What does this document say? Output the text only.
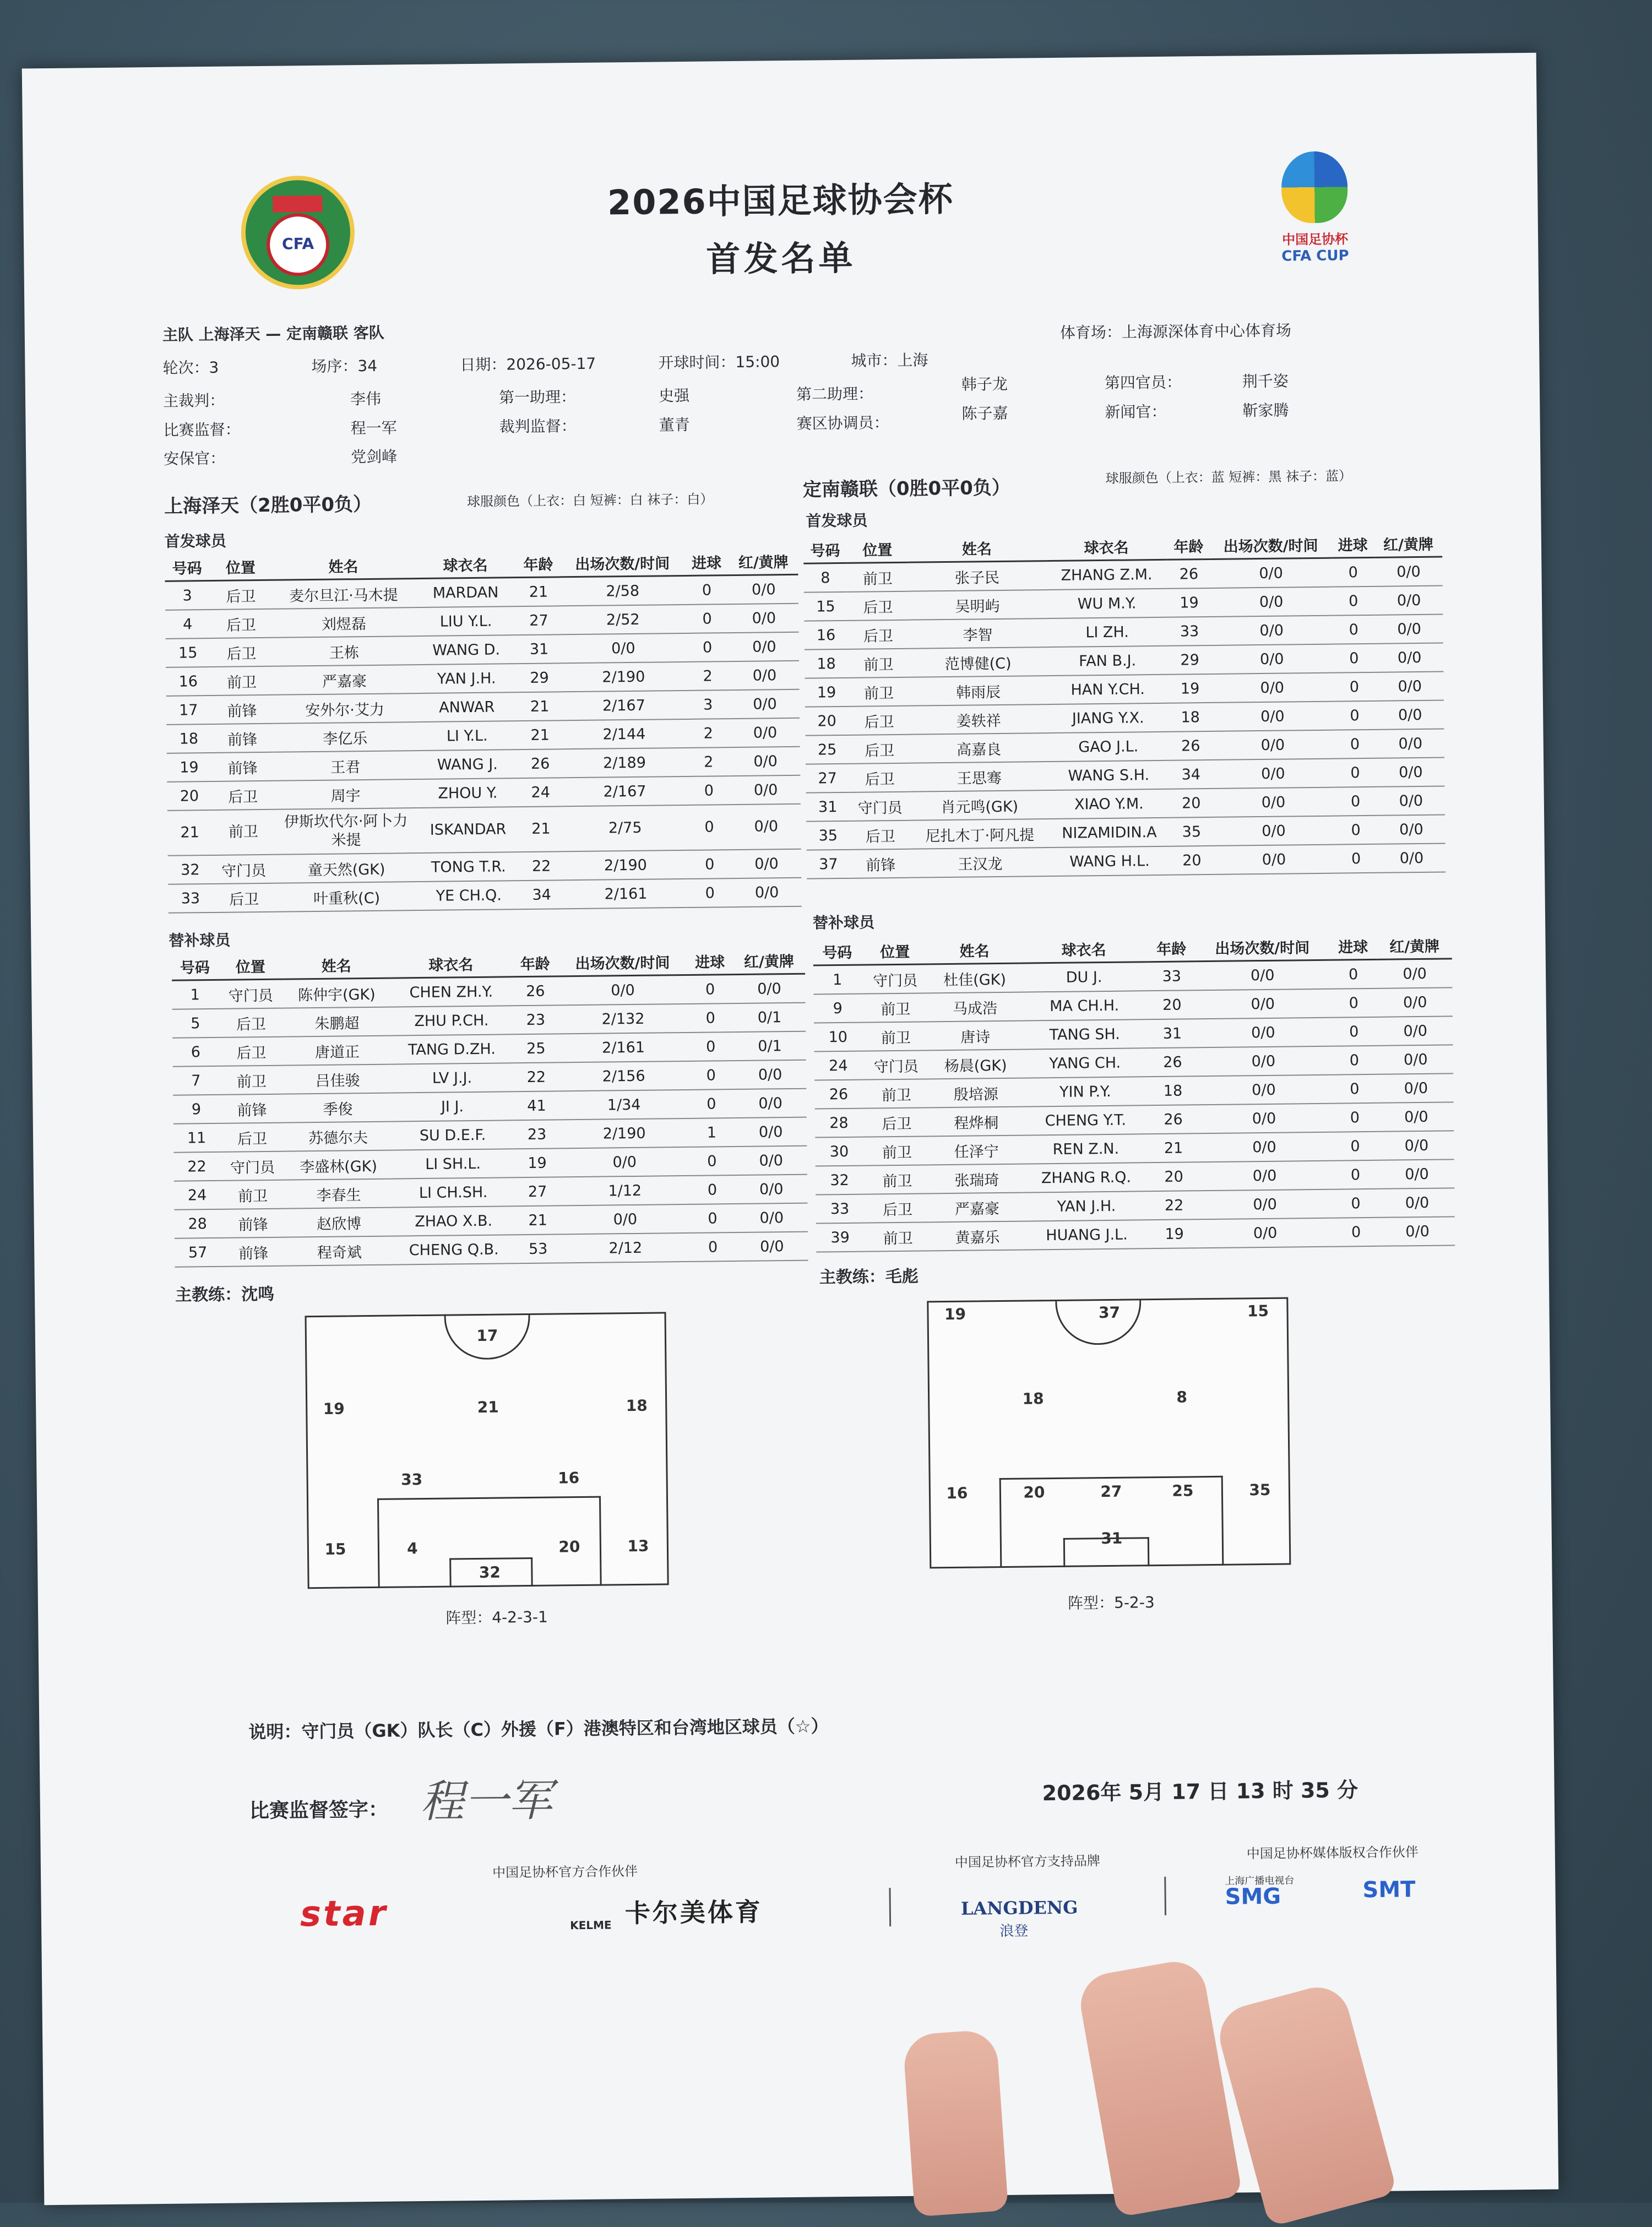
CFA	中国足协杯
CFA CUP
2026中国足球协会杯
首发名单
主队 上海泽天 — 定南赣联 客队	体育场：上海源深体育中心体育场
轮次：3	场序：34	日期：2026-05-17	开球时间：15:00	城市：上海
主裁判：	李伟	第一助理：	史强	第二助理：
韩子龙	第四官员：	荆千姿
比赛监督：	程一军	裁判监督：	董青	赛区协调员：
陈子嘉	新闻官：	靳家腾
安保官：	党剑峰
上海泽天（2胜0平0负）	球服颜色（上衣：白 短裤：白 袜子：白）	定南赣联（0胜0平0负）	球服颜色（上衣：蓝 短裤：黑 袜子：蓝）
首发球员
首发球员
号码	位置	姓名	球衣名	年龄	出场次数/时间	进球	红/黄牌
3	后卫	麦尔旦江·马木提	MARDAN	21	2/58	0	0/0
4	后卫	刘煜磊	LIU Y.L.	27	2/52	0	0/0
15	后卫	王栋	WANG D.	31	0/0	0	0/0
16	前卫	严嘉豪	YAN J.H.	29	2/190	2	0/0
17	前锋	安外尔·艾力	ANWAR	21	2/167	3	0/0
18	前锋	李亿乐	LI Y.L.	21	2/144	2	0/0
19	前锋	王君	WANG J.	26	2/189	2	0/0
20	后卫	周宇	ZHOU Y.	24	2/167	0	0/0
21	前卫	伊斯坎代尔·阿卜力米提	ISKANDAR	21	2/75	0	0/0
32	守门员	童天然(GK)	TONG T.R.	22	2/190	0	0/0
33	后卫	叶重秋(C)	YE CH.Q.	34	2/161	0	0/0
号码	位置	姓名	球衣名	年龄	出场次数/时间	进球	红/黄牌
8	前卫	张子民	ZHANG Z.M.	26	0/0	0	0/0
15	后卫	吴明屿	WU M.Y.	19	0/0	0	0/0
16	后卫	李智	LI ZH.	33	0/0	0	0/0
18	前卫	范博健(C)	FAN B.J.	29	0/0	0	0/0
19	前卫	韩雨辰	HAN Y.CH.	19	0/0	0	0/0
20	后卫	姜轶祥	JIANG Y.X.	18	0/0	0	0/0
25	后卫	高嘉良	GAO J.L.	26	0/0	0	0/0
27	后卫	王思骞	WANG S.H.	34	0/0	0	0/0
31	守门员	肖元鸣(GK)	XIAO Y.M.	20	0/0	0	0/0
35	后卫	尼扎木丁·阿凡提	NIZAMIDIN.A	35	0/0	0	0/0
37	前锋	王汉龙	WANG H.L.	20	0/0	0	0/0
替补球员
替补球员
号码	位置	姓名	球衣名	年龄	出场次数/时间	进球	红/黄牌
1	守门员	陈仲宇(GK)	CHEN ZH.Y.	26	0/0	0	0/0
5	后卫	朱鹏超	ZHU P.CH.	23	2/132	0	0/1
6	后卫	唐道正	TANG D.ZH.	25	2/161	0	0/1
7	前卫	吕佳骏	LV J.J.	22	2/156	0	0/0
9	前锋	季俊	JI J.	41	1/34	0	0/0
11	后卫	苏德尔夫	SU D.E.F.	23	2/190	1	0/0
22	守门员	李盛林(GK)	LI SH.L.	19	0/0	0	0/0
24	前卫	李春生	LI CH.SH.	27	1/12	0	0/0
28	前锋	赵欣博	ZHAO X.B.	21	0/0	0	0/0
57	前锋	程奇斌	CHENG Q.B.	53	2/12	0	0/0
号码	位置	姓名	球衣名	年龄	出场次数/时间	进球	红/黄牌
1	守门员	杜佳(GK)	DU J.	33	0/0	0	0/0
9	前卫	马成浩	MA CH.H.	20	0/0	0	0/0
10	前卫	唐诗	TANG SH.	31	0/0	0	0/0
24	守门员	杨晨(GK)	YANG CH.	26	0/0	0	0/0
26	前卫	殷培源	YIN P.Y.	18	0/0	0	0/0
28	后卫	程烨桐	CHENG Y.T.	26	0/0	0	0/0
30	前卫	任泽宁	REN Z.N.	21	0/0	0	0/0
32	前卫	张瑞琦	ZHANG R.Q.	20	0/0	0	0/0
33	后卫	严嘉豪	YAN J.H.	22	0/0	0	0/0
39	前卫	黄嘉乐	HUANG J.L.	19	0/0	0	0/0
主教练：沈鸣
主教练：毛彪
17
19	21	18
33	16
15	4	20	13
32
阵型：4-2-3-1
19	37	15
18	8
16	20	27	25	35
31
阵型：5-2-3
说明：守门员（GK）队长（C）外援（F）港澳特区和台湾地区球员（☆）
比赛监督签字： 程一军	2026年 5月 17 日 13 时 35 分
中国足协杯官方合作伙伴
中国足协杯官方支持品牌
中国足协杯媒体版权合作伙伴
star	卡尔美体育
KELME
LANGDENG
浪登
上海广播电视台
SMG	SMT
